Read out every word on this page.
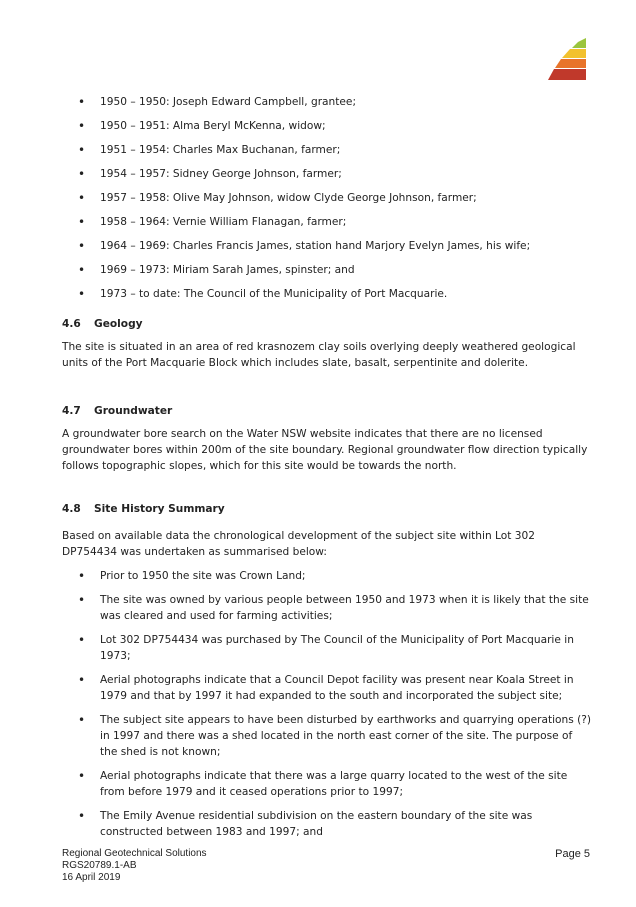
• 1950 – 1950: Joseph Edward Campbell, grantee;
• 1950 – 1951: Alma Beryl McKenna, widow;
• 1951 – 1954: Charles Max Buchanan, farmer;
• 1954 – 1957: Sidney George Johnson, farmer;
• 1957 – 1958: Olive May Johnson, widow Clyde George Johnson, farmer;
• 1958 – 1964: Vernie William Flanagan, farmer;
• 1964 – 1969: Charles Francis James, station hand Marjory Evelyn James, his wife;
• 1969 – 1973: Miriam Sarah James, spinster; and
• 1973 – to date: The Council of the Municipality of Port Macquarie.
4.6 Geology
The site is situated in an area of red krasnozem clay soils overlying deeply weathered geological units of the Port Macquarie Block which includes slate, basalt, serpentinite and dolerite.
4.7 Groundwater
A groundwater bore search on the Water NSW website indicates that there are no licensed groundwater bores within 200m of the site boundary. Regional groundwater flow direction typically follows topographic slopes, which for this site would be towards the north.
4.8 Site History Summary
Based on available data the chronological development of the subject site within Lot 302 DP754434 was undertaken as summarised below:
• Prior to 1950 the site was Crown Land;
• The site was owned by various people between 1950 and 1973 when it is likely that the site was cleared and used for farming activities;
• Lot 302 DP754434 was purchased by The Council of the Municipality of Port Macquarie in 1973;
• Aerial photographs indicate that a Council Depot facility was present near Koala Street in 1979 and that by 1997 it had expanded to the south and incorporated the subject site;
• The subject site appears to have been disturbed by earthworks and quarrying operations (?) in 1997 and there was a shed located in the north east corner of the site. The purpose of the shed is not known;
• Aerial photographs indicate that there was a large quarry located to the west of the site from before 1979 and it ceased operations prior to 1997;
• The Emily Avenue residential subdivision on the eastern boundary of the site was constructed between 1983 and 1997; and
Regional Geotechnical Solutions
RGS20789.1-AB
16 April 2019
Page 5
